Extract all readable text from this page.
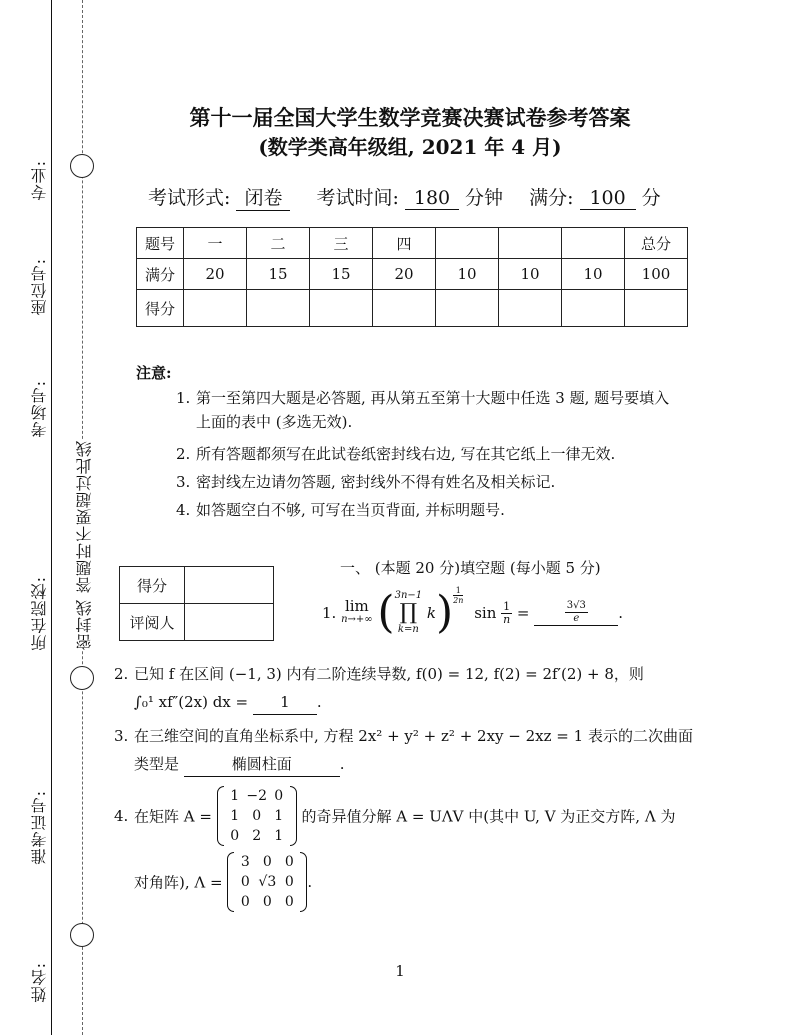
专业:
座位号:
考场号:
所在院校:
准考证号:
姓名:
密封线 答题时不要超过此线
第十一届全国大学生数学竞赛决赛试卷参考答案
(数学类高年级组, 2021 年 4 月)
考试形式: 闭卷 考试时间: 180 分钟 满分: 100 分
题号	一	二	三	四				总分
满分	20	15	15	20	10	10	10	100
得分								
注意:
1. 第一至第四大题是必答题, 再从第五至第十大题中任选 3 题, 题号要填入
上面的表中 (多选无效).
2. 所有答题都须写在此试卷纸密封线右边, 写在其它纸上一律无效.
3. 密封线左边请勿答题, 密封线外不得有姓名及相关标记.
4. 如答题空白不够, 可写在当页背面, 并标明题号.
得分	
评阅人	
一、 (本题 20 分)填空题 (每小题 5 分)
1. lim
n→+∞ ( 3n−1
∏
k=n
$k) \frac{1}{2n}$
$\sin \frac{1}{n}$ =	$\frac{3√3}{e}$ .
2. 已知 f 在区间 (−1, 3) 内有二阶连续导数, f(0) = 12, f(2) = 2f′(2) + 8，则
∫₀¹ xf″(2x) dx = 1 .
3. 在三维空间的直角坐标系中, 方程 2x² + y² + z² + 2xy − 2xz = 1 表示的二次曲面
类型是	椭圆柱面	.
4. 在矩阵 A =
1	−2	0
1	0	1
0	2	1
的奇异值分解 A = UΛV 中(其中 U, V 为正交方阵, Λ 为
对角阵), Λ =
3	0	0
0	√3	0
0	0	0
.
1
